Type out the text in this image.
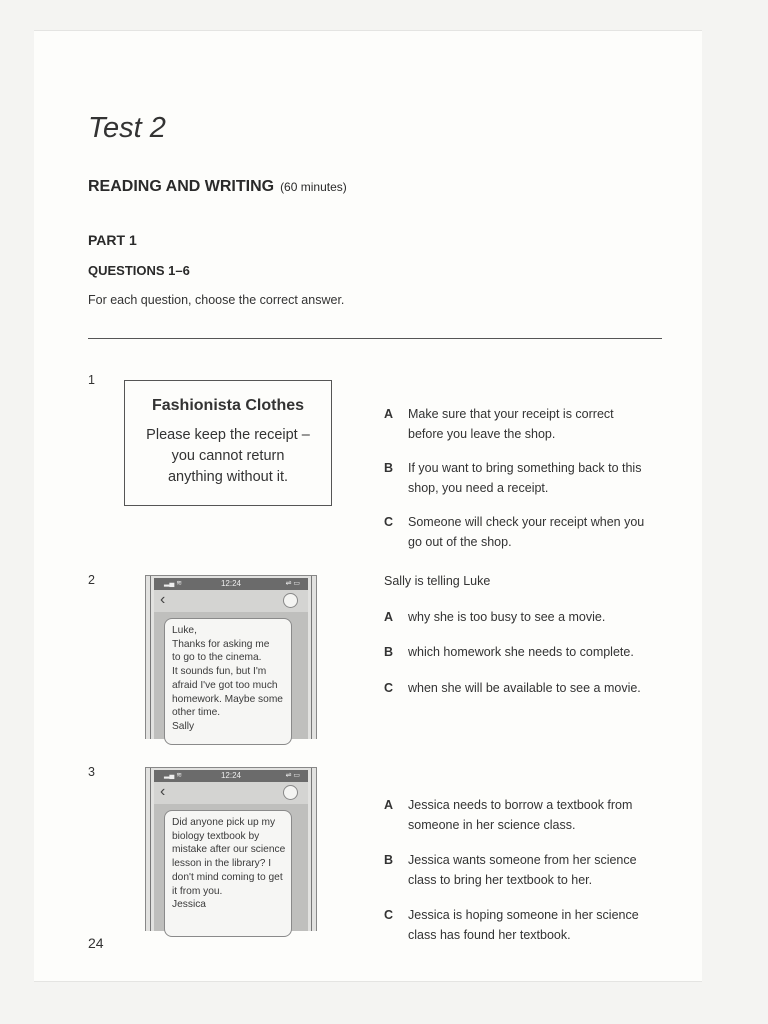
Test 2
READING AND WRITING (60 minutes)
PART 1
QUESTIONS 1–6
For each question, choose the correct answer.
1
Fashionista Clothes
Please keep the receipt –
you cannot return
anything without it.
A Make sure that your receipt is correct
before you leave the shop.
B If you want to bring something back to this
shop, you need a receipt.
C Someone will check your receipt when you
go out of the shop.
2	▂▄ ≋	12:24	⇌ ▭
‹
Luke,
Thanks for asking me
to go to the cinema.
It sounds fun, but I'm
afraid I've got too much
homework. Maybe some
other time.
Sally
Sally is telling Luke
A why she is too busy to see a movie.
B which homework she needs to complete.
C when she will be available to see a movie.
3	▂▄ ≋	12:24	⇌ ▭
‹
Did anyone pick up my
biology textbook by
mistake after our science
lesson in the library? I
don't mind coming to get
it from you.
Jessica
A Jessica needs to borrow a textbook from
someone in her science class.
B Jessica wants someone from her science
class to bring her textbook to her.
C Jessica is hoping someone in her science
class has found her textbook.
24
